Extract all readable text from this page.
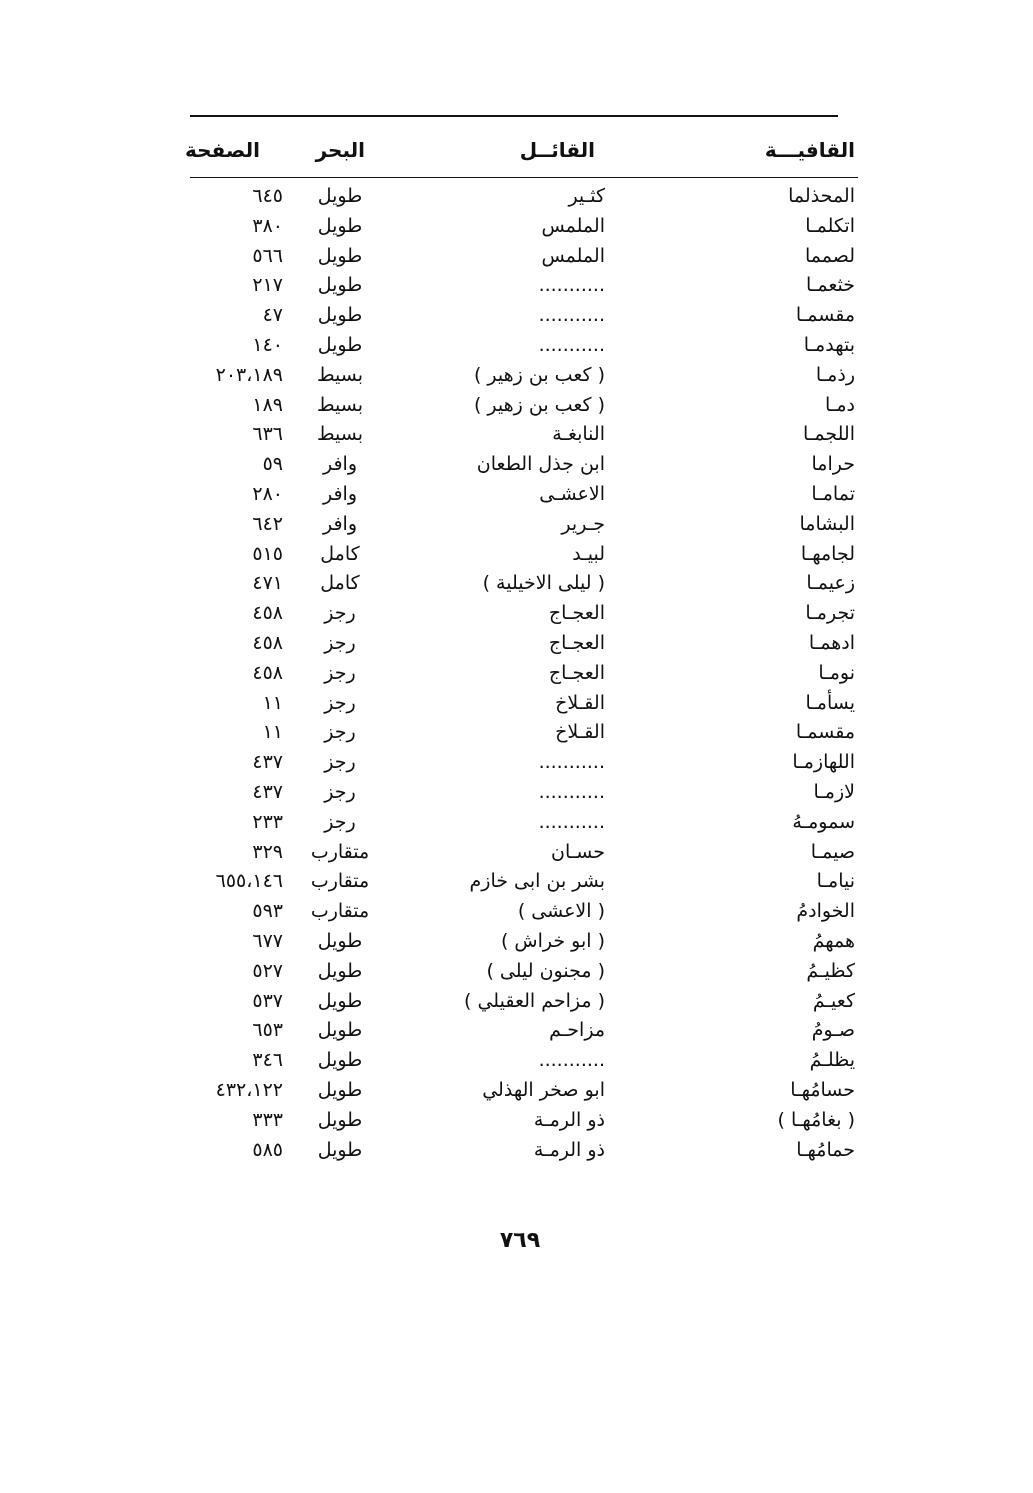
القافيـــة
القائــل
البحر
الصفحة
المحذلما
كثـير
طويل
٦٤٥
اتكلمـا
الملمس
طويل
٣٨٠
لصمما
الملمس
طويل
٥٦٦
خثعمـا
...........
طويل
٢١٧
مقسمـا
...........
طويل
٤٧
بتهدمـا
...........
طويل
١٤٠
رذمـا
( كعب بن زهير )
بسيط
٢٠٣،١٨٩
دمـا
( كعب بن زهير )
بسيط
١٨٩
اللجمـا
النابغـة
بسيط
٦٣٦
حراما
ابن جذل الطعان
وافر
٥٩
تمامـا
الاعشـى
وافر
٢٨٠
البشاما
جـرير
وافر
٦٤٢
لجامهـا
لبيـد
كامل
٥١٥
زعيمـا
( ليلى الاخيلية )
كامل
٤٧١
تجرمـا
العجـاج
رجز
٤٥٨
ادهمـا
العجـاج
رجز
٤٥٨
نومـا
العجـاج
رجز
٤٥٨
يسأمـا
القـلاخ
رجز
١١
مقسمـا
القـلاخ
رجز
١١
اللهازمـا
...........
رجز
٤٣٧
لازمـا
...........
رجز
٤٣٧
سمومـهُ
...........
رجز
٢٣٣
صيمـا
حسـان
متقارب
٣٢٩
نيامـا
بشر بن ابى خازم
متقارب
٦٥٥،١٤٦
الخوادمُ
( الاعشى )
متقارب
٥٩٣
همهمُ
( ابو خراش )
طويل
٦٧٧
كظيـمُ
( مجنون ليلى )
طويل
٥٢٧
كعيـمُ
( مزاحم العقيلي )
طويل
٥٣٧
صـومُ
مزاحـم
طويل
٦٥٣
يظلـمُ
...........
طويل
٣٤٦
حسامُهـا
ابو صخر الهذلي
طويل
٤٣٢،١٢٢
( بغامُهـا )
ذو الرمـة
طويل
٣٣٣
حمامُهـا
ذو الرمـة
طويل
٥٨٥
٧٦٩
